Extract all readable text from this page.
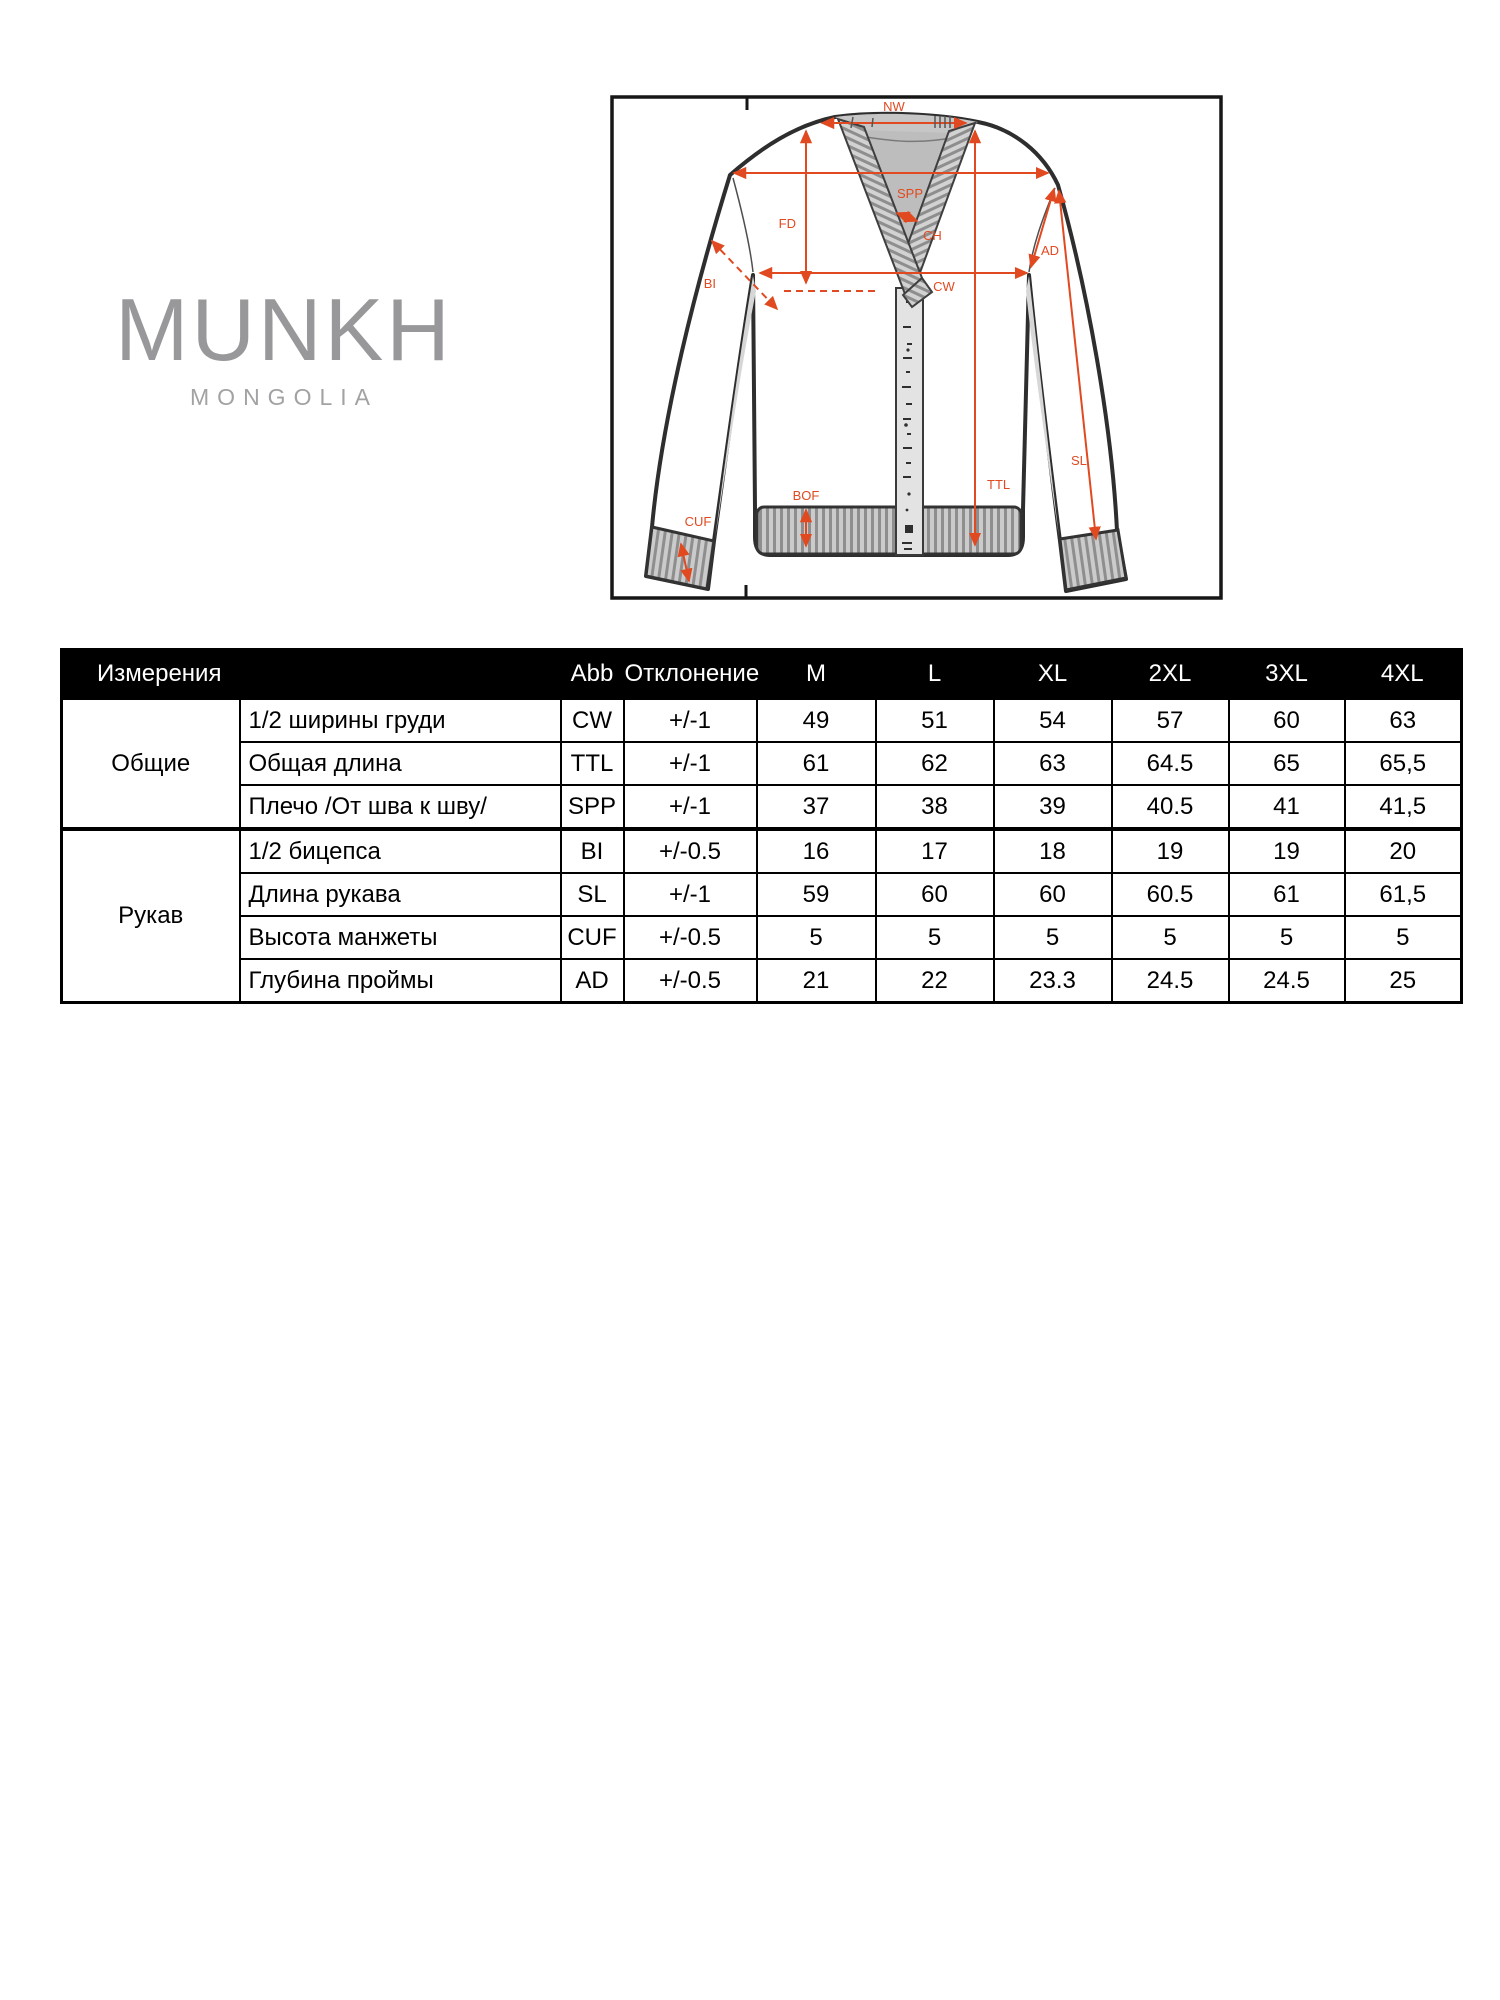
MUNKH
MONGOLIA
NW
SPP
FD
CH
BI	CW
AD
TTL
SL
BOF
CUF
Измерения		Abb	Отклонение	M	L	XL	2XL	3XL	4XL
Общие	1/2 ширины груди	CW	+/-1	49	51	54	57	60	63
	Общая длина	TTL	+/-1	61	62	63	64.5	65	65,5
	Плечо /От шва к шву/	SPP	+/-1	37	38	39	40.5	41	41,5
Рукав	1/2 бицепса	BI	+/-0.5	16	17	18	19	19	20
	Длина рукава	SL	+/-1	59	60	60	60.5	61	61,5
	Высота манжеты	CUF	+/-0.5	5	5	5	5	5	5
	Глубина проймы	AD	+/-0.5	21	22	23.3	24.5	24.5	25
